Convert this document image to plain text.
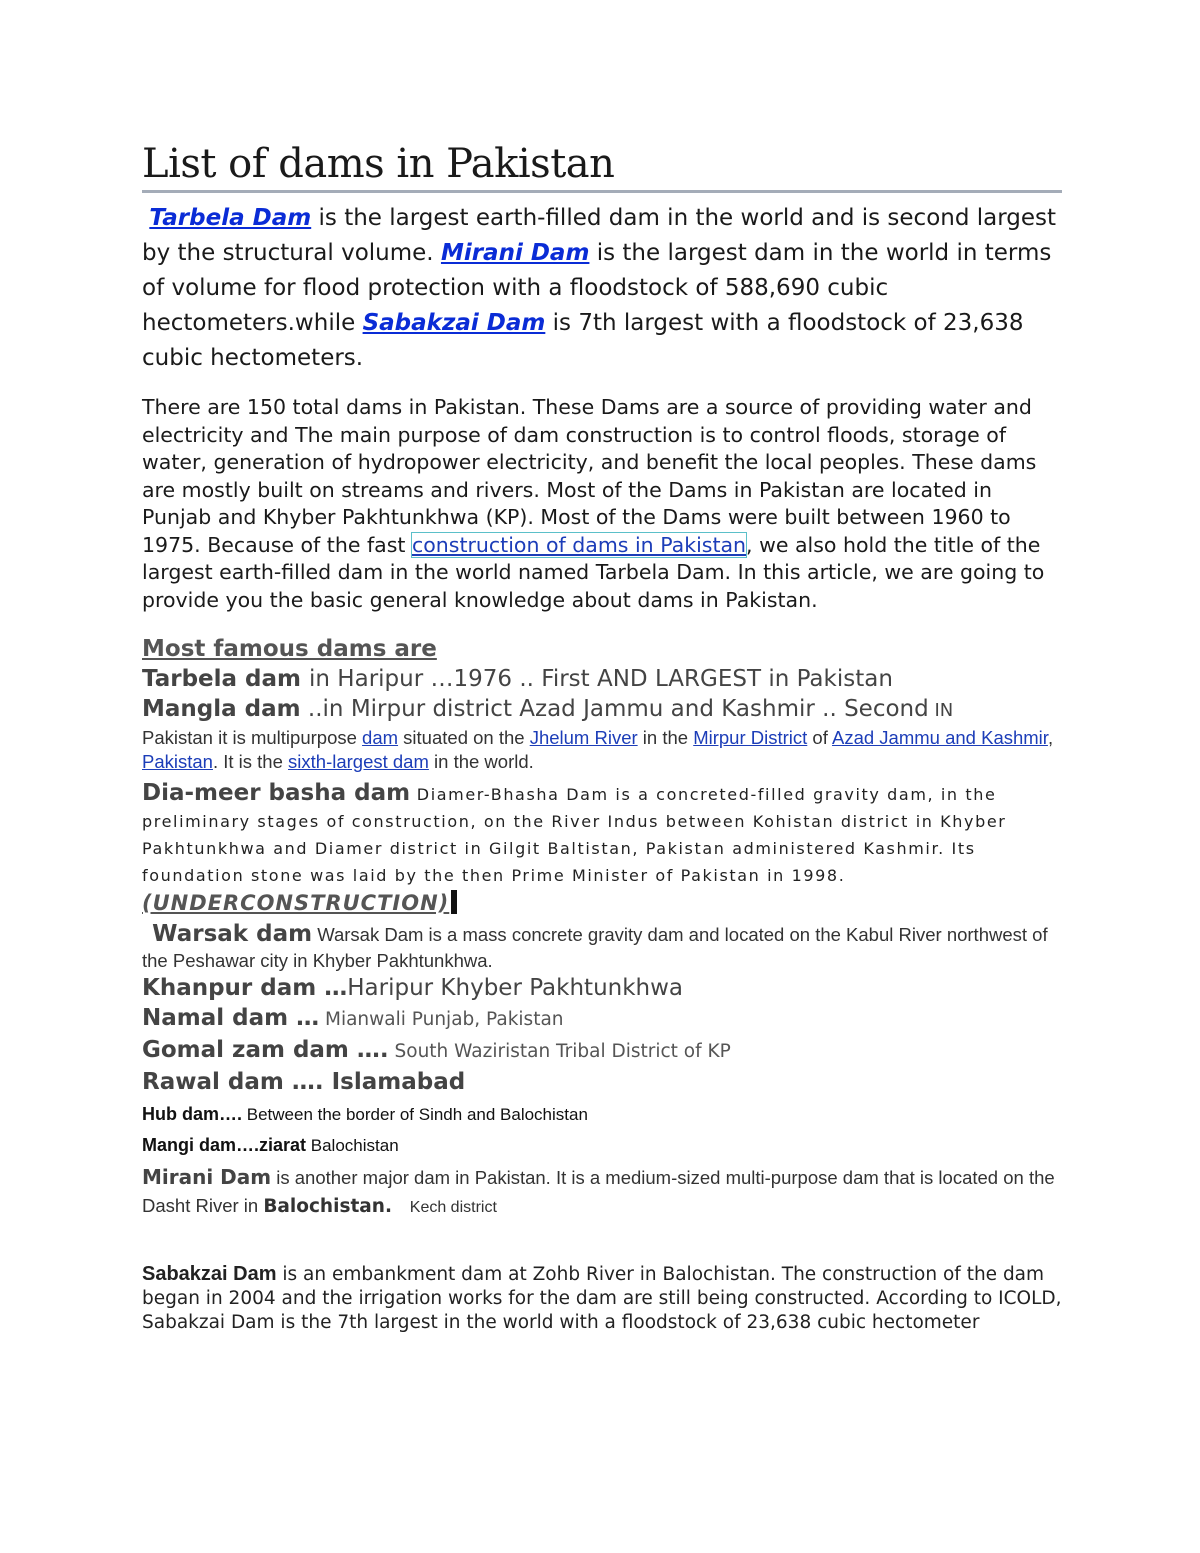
List of dams in Pakistan

Tarbela Dam is the largest earth-filled dam in the world and is second largest by the structural volume. Mirani Dam is the largest dam in the world in terms of volume for flood protection with a floodstock of 588,690 cubic hectometers.while Sabakzai Dam is 7th largest with a floodstock of 23,638 cubic hectometers.

There are 150 total dams in Pakistan. These Dams are a source of providing water and electricity and The main purpose of dam construction is to control floods, storage of water, generation of hydropower electricity, and benefit the local peoples. These dams are mostly built on streams and rivers. Most of the Dams in Pakistan are located in Punjab and Khyber Pakhtunkhwa (KP). Most of the Dams were built between 1960 to 1975. Because of the fast construction of dams in Pakistan, we also hold the title of the largest earth-filled dam in the world named Tarbela Dam. In this article, we are going to provide you the basic general knowledge about dams in Pakistan.

Most famous dams are
Tarbela dam in Haripur …1976 .. First AND LARGEST in Pakistan
Mangla dam ..in Mirpur district Azad Jammu and Kashmir .. Second IN
Pakistan it is multipurpose dam situated on the Jhelum River in the Mirpur District of Azad Jammu and Kashmir, Pakistan. It is the sixth-largest dam in the world.
Dia-meer basha dam Diamer-Bhasha Dam is a concreted-filled gravity dam, in the preliminary stages of construction, on the River Indus between Kohistan district in Khyber Pakhtunkhwa and Diamer district in Gilgit Baltistan, Pakistan administered Kashmir. Its foundation stone was laid by the then Prime Minister of Pakistan in 1998.
(UNDERCONSTRUCTION)
Warsak dam Warsak Dam is a mass concrete gravity dam and located on the Kabul River northwest of the Peshawar city in Khyber Pakhtunkhwa.
Khanpur dam …Haripur Khyber Pakhtunkhwa
Namal dam … Mianwali Punjab, Pakistan
Gomal zam dam …. South Waziristan Tribal District of KP
Rawal dam …. Islamabad
Hub dam…. Between the border of Sindh and Balochistan
Mangi dam….ziarat Balochistan
Mirani Dam is another major dam in Pakistan. It is a medium-sized multi-purpose dam that is located on the Dasht River in Balochistan.    Kech district
Sabakzai Dam is an embankment dam at Zohb River in Balochistan. The construction of the dam began in 2004 and the irrigation works for the dam are still being constructed. According to ICOLD, Sabakzai Dam is the 7th largest in the world with a floodstock of 23,638 cubic hectometer
